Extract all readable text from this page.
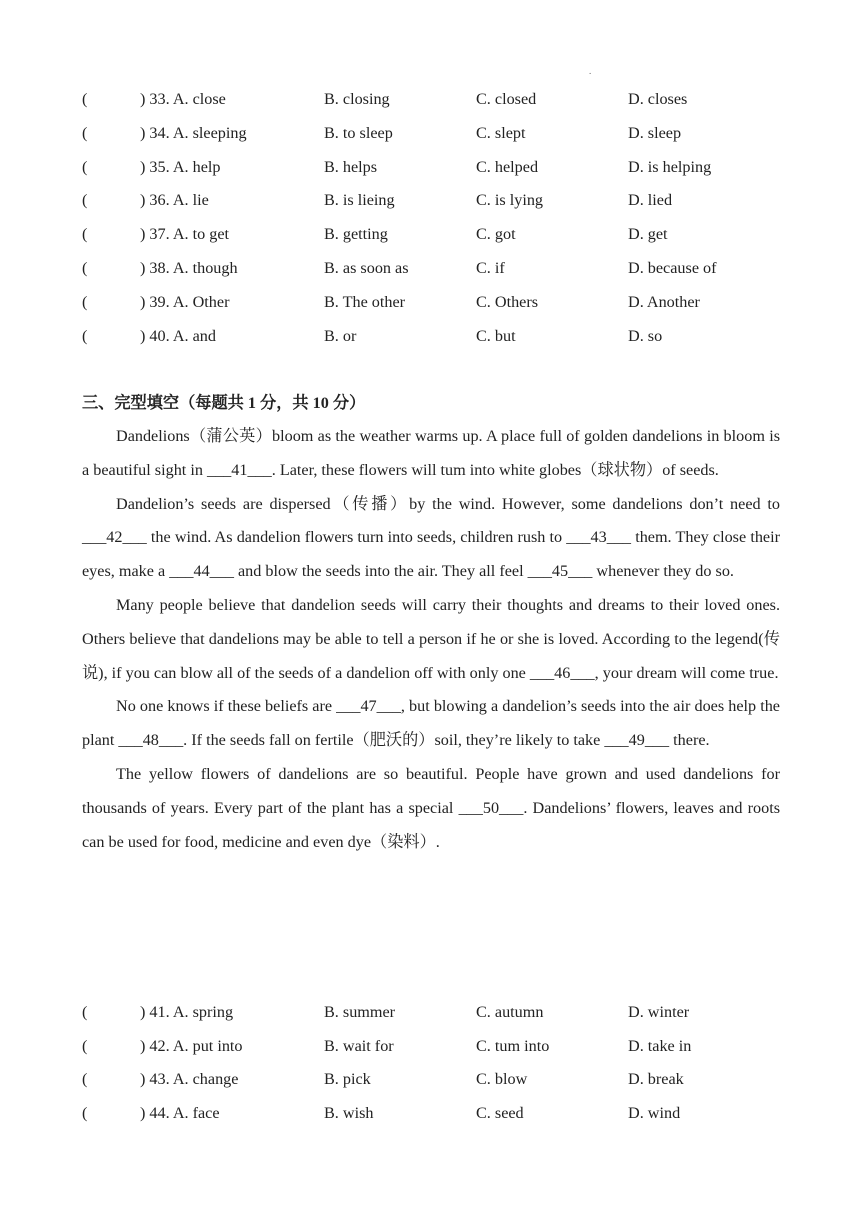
.
(	) 33. A. close	B. closing	C. closed	D. closes
(	) 34. A. sleeping	B. to sleep	C. slept	D. sleep
(	) 35. A. help	B. helps	C. helped	D. is helping
(	) 36. A. lie	B. is lieing	C. is lying	D. lied
(	) 37. A. to get	B. getting	C. got	D. get
(	) 38. A. though	B. as soon as	C. if	D. because of
(	) 39. A. Other	B. The other	C. Others	D. Another
(	) 40. A. and	B. or	C. but	D. so
三、完型填空（每题共 1 分，共 10 分）

Dandelions（蒲公英）bloom as the weather warms up. A place full of golden dandelions in bloom is a beautiful sight in ___41___. Later, these flowers will tum into white globes（球状物）of seeds.

Dandelion’s seeds are dispersed（传播）by the wind. However, some dandelions don’t need to ___42___ the wind. As dandelion flowers turn into seeds, children rush to ___43___ them. They close their eyes, make a ___44___ and blow the seeds into the air. They all feel ___45___ whenever they do so.

Many people believe that dandelion seeds will carry their thoughts and dreams to their loved ones. Others believe that dandelions may be able to tell a person if he or she is loved. According to the legend(传说), if you can blow all of the seeds of a dandelion off with only one ___46___, your dream will come true.

No one knows if these beliefs are ___47___, but blowing a dandelion’s seeds into the air does help the plant ___48___. If the seeds fall on fertile（肥沃的）soil, they’re likely to take ___49___ there.

The yellow flowers of dandelions are so beautiful. People have grown and used dandelions for thousands of years. Every part of the plant has a special ___50___. Dandelions’ flowers, leaves and roots can be used for food, medicine and even dye（染料）.

(	) 41. A. spring	B. summer	C. autumn	D. winter
(	) 42. A. put into	B. wait for	C. tum into	D. take in
(	) 43. A. change	B. pick	C. blow	D. break
(	) 44. A. face	B. wish	C. seed	D. wind
